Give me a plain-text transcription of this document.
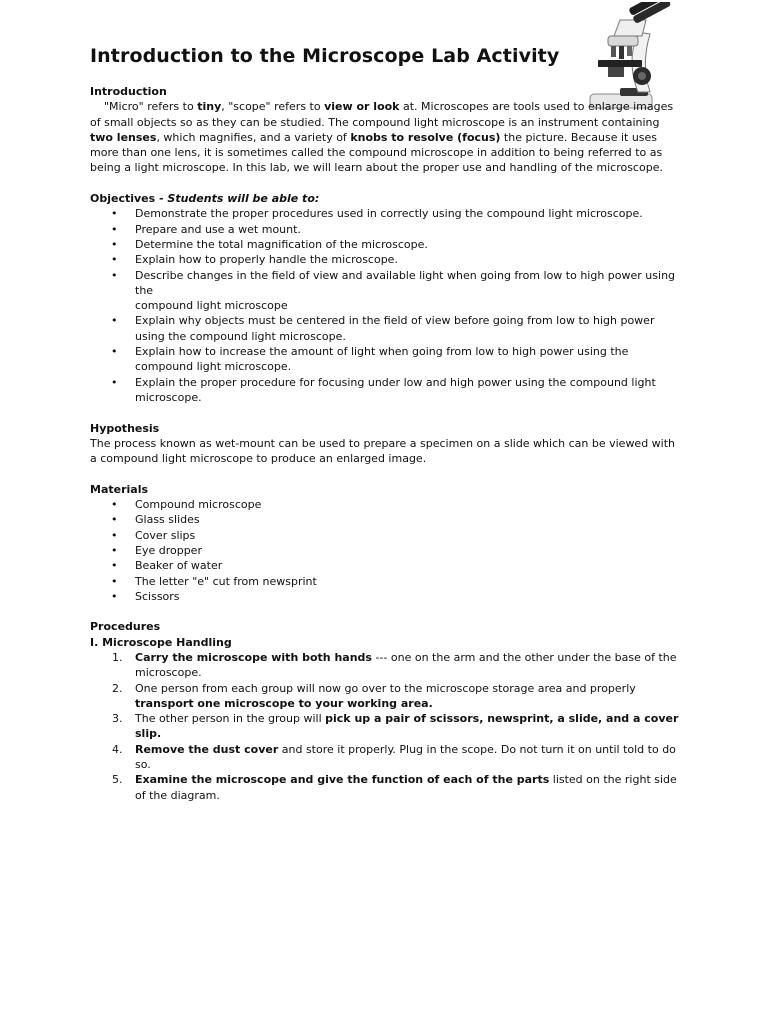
Introduction to the Microscope Lab Activity

Introduction

"Micro" refers to tiny, "scope" refers to view or look at. Microscopes are tools used to enlarge images of small objects so as they can be studied. The compound light microscope is an instrument containing two lenses, which magnifies, and a variety of knobs to resolve (focus) the picture. Because it uses more than one lens, it is sometimes called the compound microscope in addition to being referred to as being a light microscope. In this lab, we will learn about the proper use and handling of the microscope.

Objectives - Students will be able to:

• Demonstrate the proper procedures used in correctly using the compound light microscope.
• Prepare and use a wet mount.
• Determine the total magnification of the microscope.
• Explain how to properly handle the microscope.
• Describe changes in the field of view and available light when going from low to high power using the
compound light microscope
• Explain why objects must be centered in the field of view before going from low to high power using the compound light microscope.
• Explain how to increase the amount of light when going from low to high power using the compound light microscope.
• Explain the proper procedure for focusing under low and high power using the compound light microscope.

Hypothesis

The process known as wet-mount can be used to prepare a specimen on a slide which can be viewed with a compound light microscope to produce an enlarged image.

Materials

• Compound microscope
• Glass slides
• Cover slips
• Eye dropper
• Beaker of water
• The letter "e" cut from newsprint
• Scissors

Procedures

I. Microscope Handling

1. Carry the microscope with both hands --- one on the arm and the other under the base of the microscope.
2. One person from each group will now go over to the microscope storage area and properly transport one microscope to your working area.
3. The other person in the group will pick up a pair of scissors, newsprint, a slide, and a cover slip.
4. Remove the dust cover and store it properly. Plug in the scope. Do not turn it on until told to do so.
5. Examine the microscope and give the function of each of the parts listed on the right side of the diagram.
